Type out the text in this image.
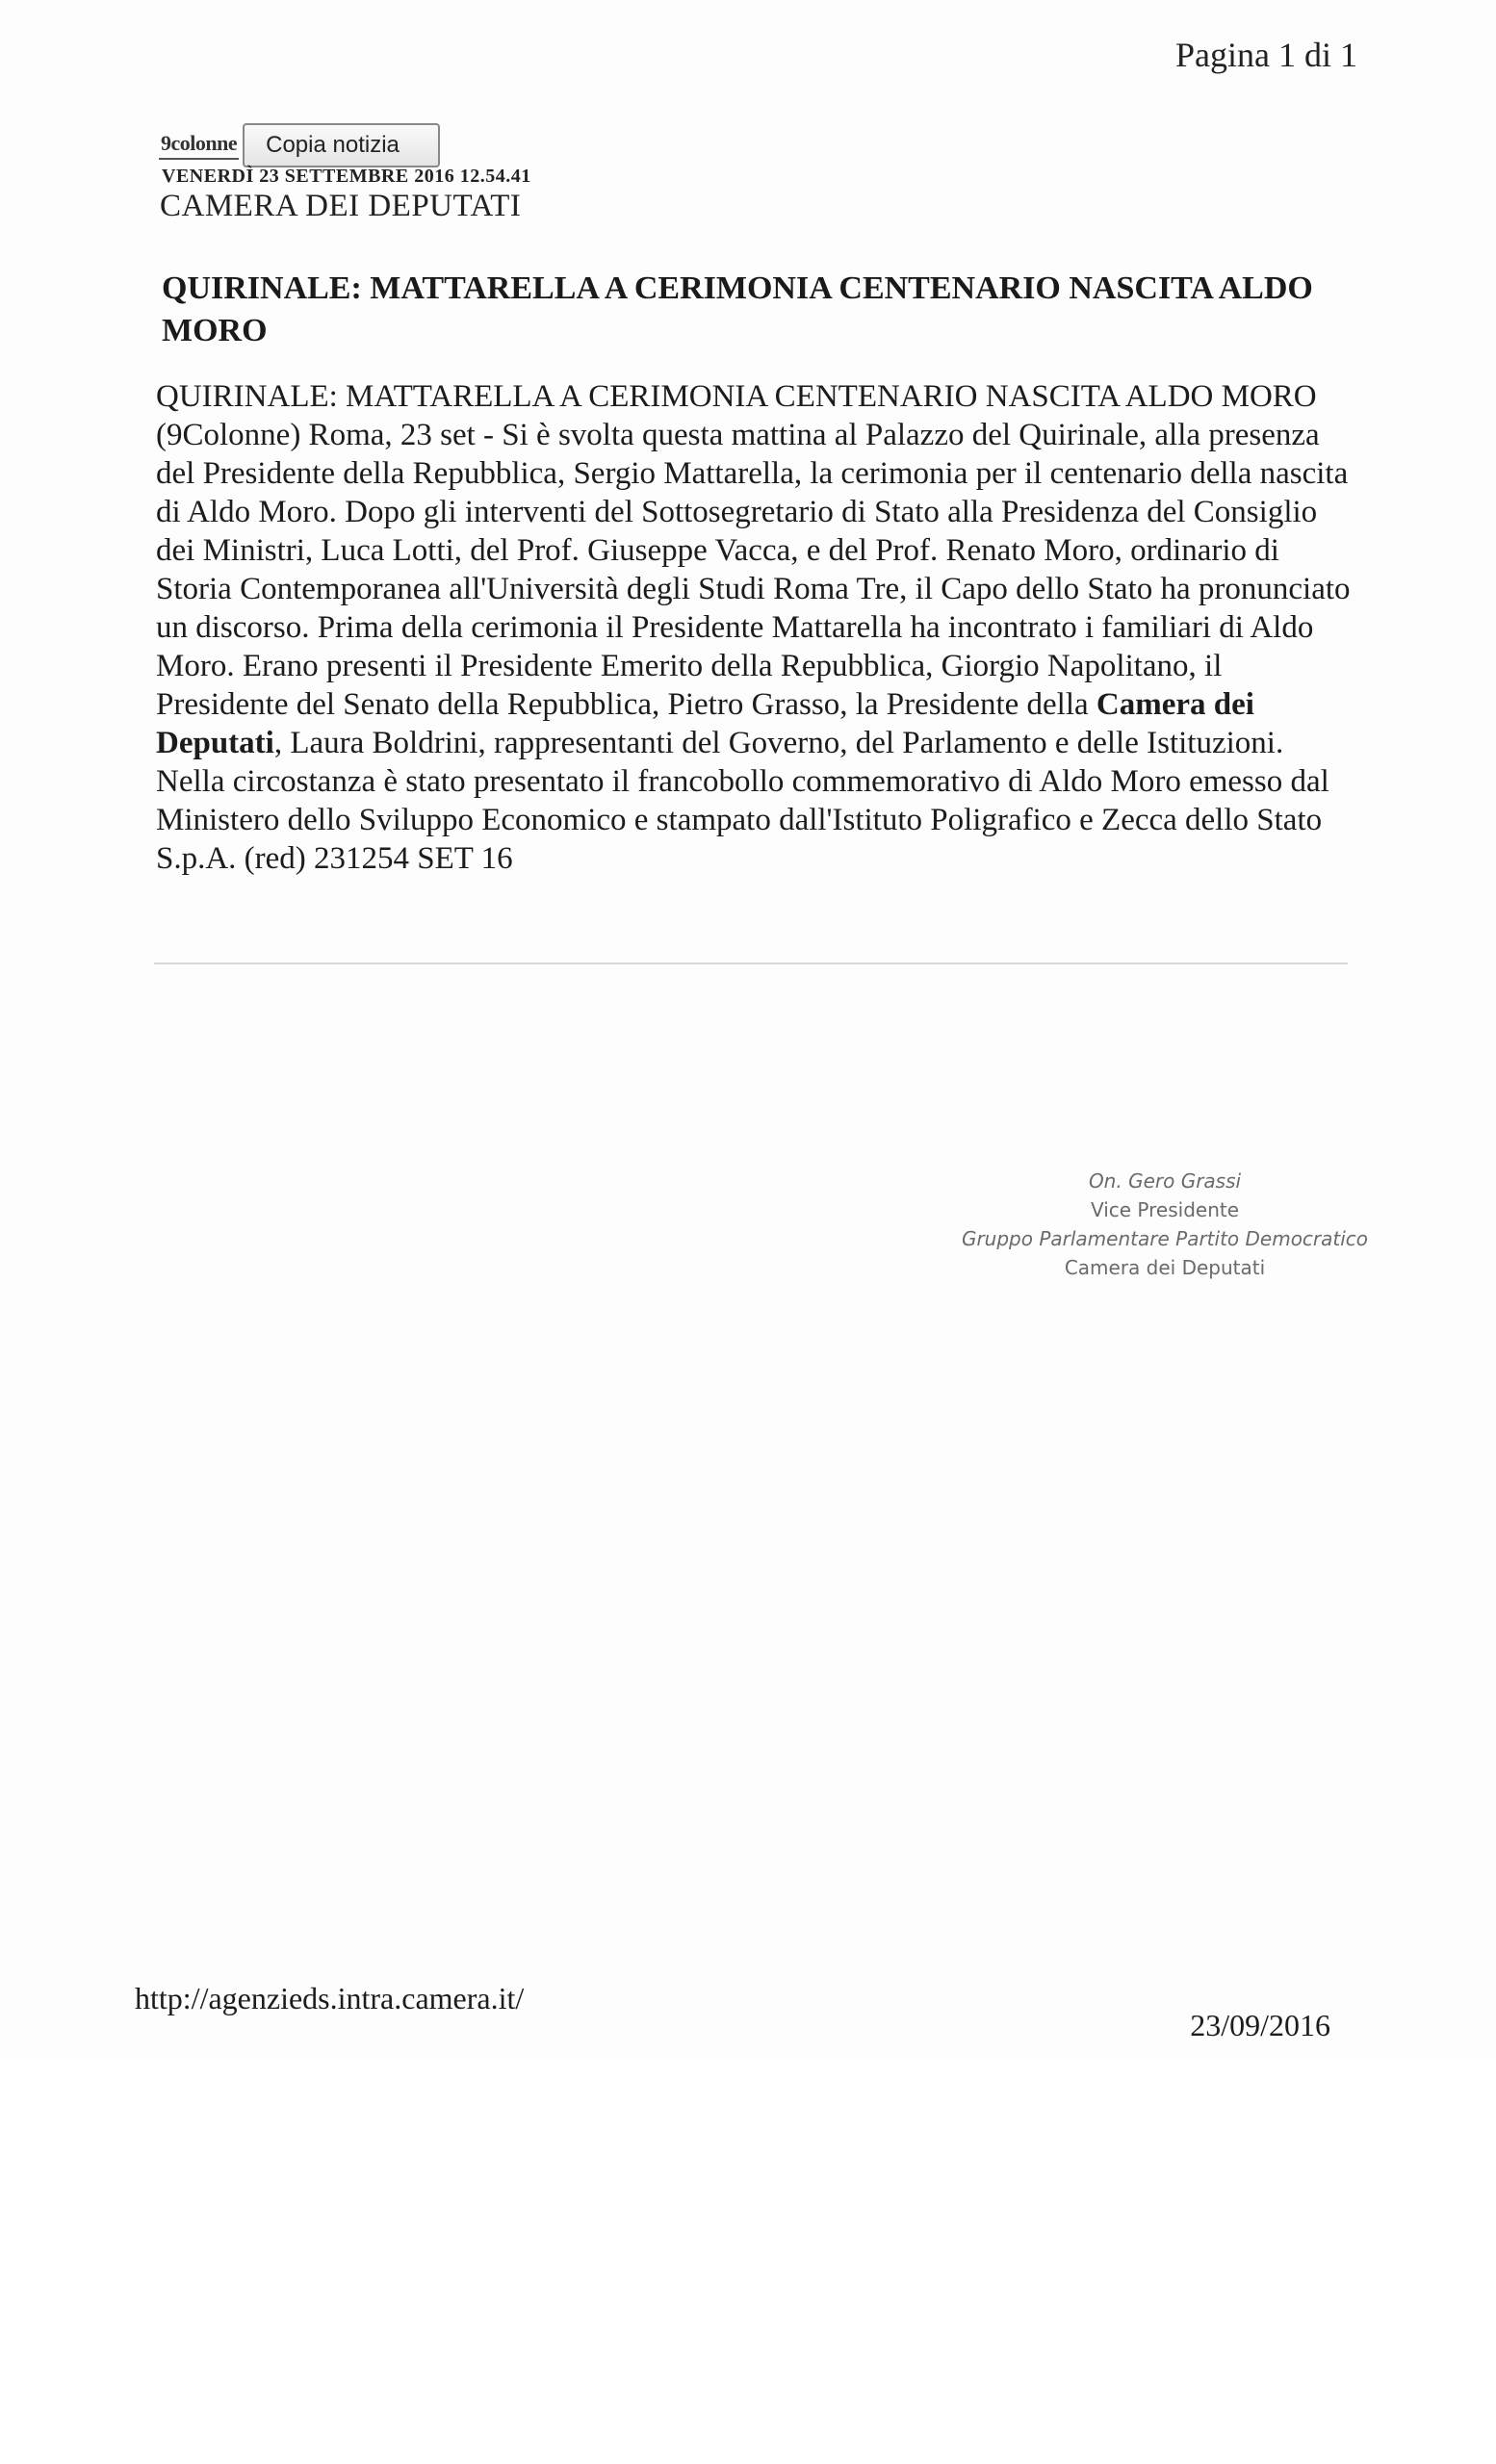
Pagina 1 di 1
9colonne	Copia notizia
VENERDÌ 23 SETTEMBRE 2016 12.54.41
CAMERA DEI DEPUTATI
QUIRINALE: MATTARELLA A CERIMONIA CENTENARIO NASCITA ALDO MORO

QUIRINALE: MATTARELLA A CERIMONIA CENTENARIO NASCITA ALDO MORO (9Colonne) Roma, 23 set - Si è svolta questa mattina al Palazzo del Quirinale, alla presenza del Presidente della Repubblica, Sergio Mattarella, la cerimonia per il centenario della nascita di Aldo Moro. Dopo gli interventi del Sottosegretario di Stato alla Presidenza del Consiglio dei Ministri, Luca Lotti, del Prof. Giuseppe Vacca, e del Prof. Renato Moro, ordinario di Storia Contemporanea all'Università degli Studi Roma Tre, il Capo dello Stato ha pronunciato un discorso. Prima della cerimonia il Presidente Mattarella ha incontrato i familiari di Aldo Moro. Erano presenti il Presidente Emerito della Repubblica, Giorgio Napolitano, il Presidente del Senato della Repubblica, Pietro Grasso, la Presidente della Camera dei Deputati, Laura Boldrini, rappresentanti del Governo, del Parlamento e delle Istituzioni. Nella circostanza è stato presentato il francobollo commemorativo di Aldo Moro emesso dal Ministero dello Sviluppo Economico e stampato dall'Istituto Poligrafico e Zecca dello Stato S.p.A. (red) 231254 SET 16

On. Gero Grassi
Vice Presidente
Gruppo Parlamentare Partito Democratico
Camera dei Deputati
http://agenzieds.intra.camera.it/
23/09/2016
